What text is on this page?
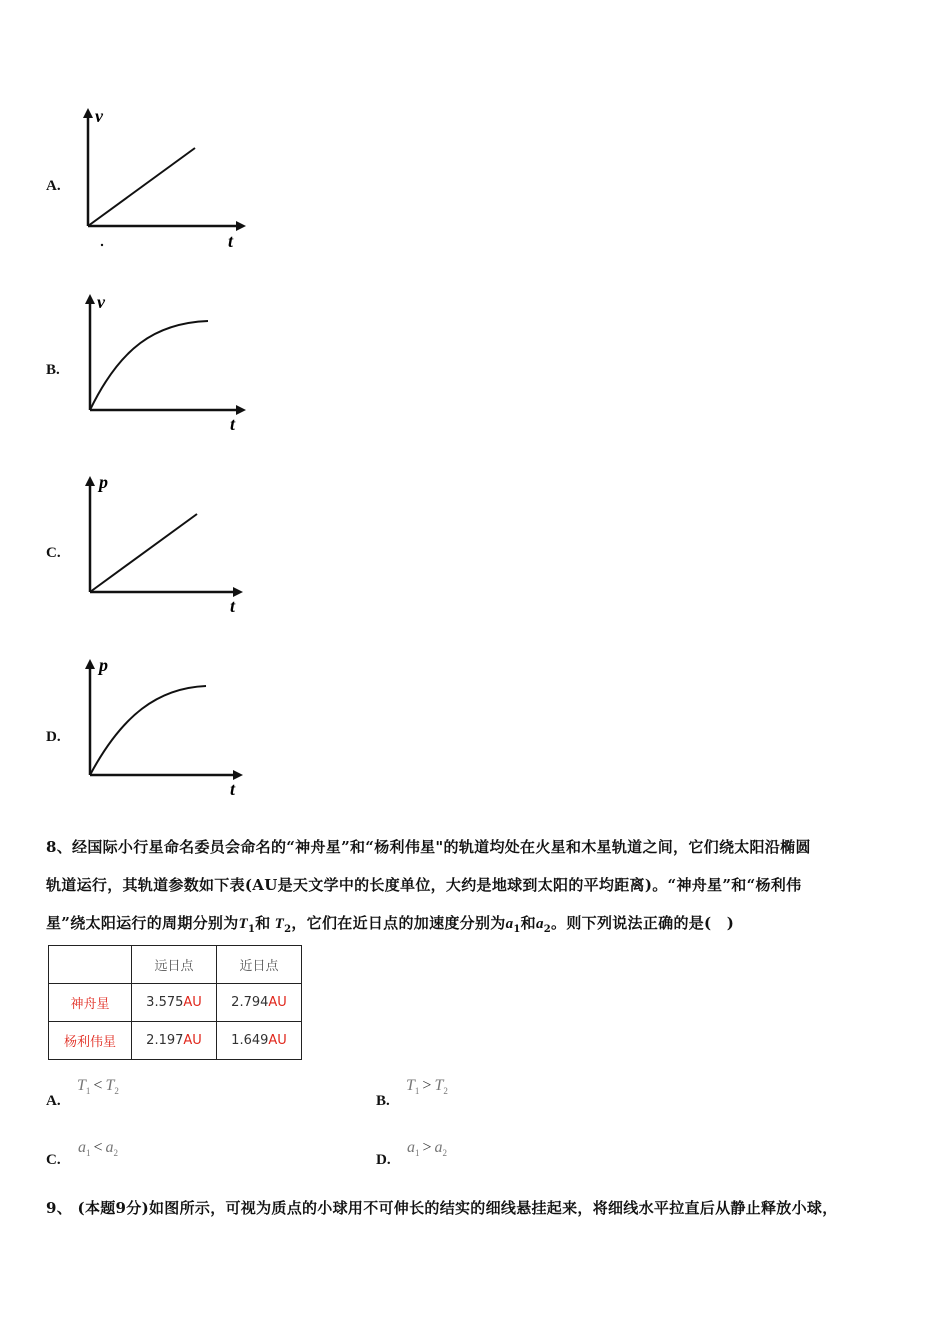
A.
v
t
B.
v
t
C.
p
t
D.
p
t
8、经国际小行星命名委员会命名的“神舟星”和“杨利伟星"的轨道均处在火星和木星轨道之间，它们绕太阳沿椭圆
轨道运行，其轨道参数如下表(AU是天文学中的长度单位，大约是地球到太阳的平均距离)。“神舟星”和“杨利伟
星”绕太阳运行的周期分别为$T_1$和 $T_2$，它们在近日点的加速度分别为$a_1$和$a_2$。则下列说法正确的是(　)
	远日点	近日点
神舟星	3.575AU	2.794AU
杨利伟星	2.197AU	1.649AU
A.
$T_1 < T_2$
B.
$T_1 > T_2$
C.
$a_1 < a_2$	D.
$a_1 > a_2$
9、 (本题9分)如图所示，可视为质点的小球用不可伸长的结实的细线悬挂起来，将细线水平拉直后从静止释放小球，
